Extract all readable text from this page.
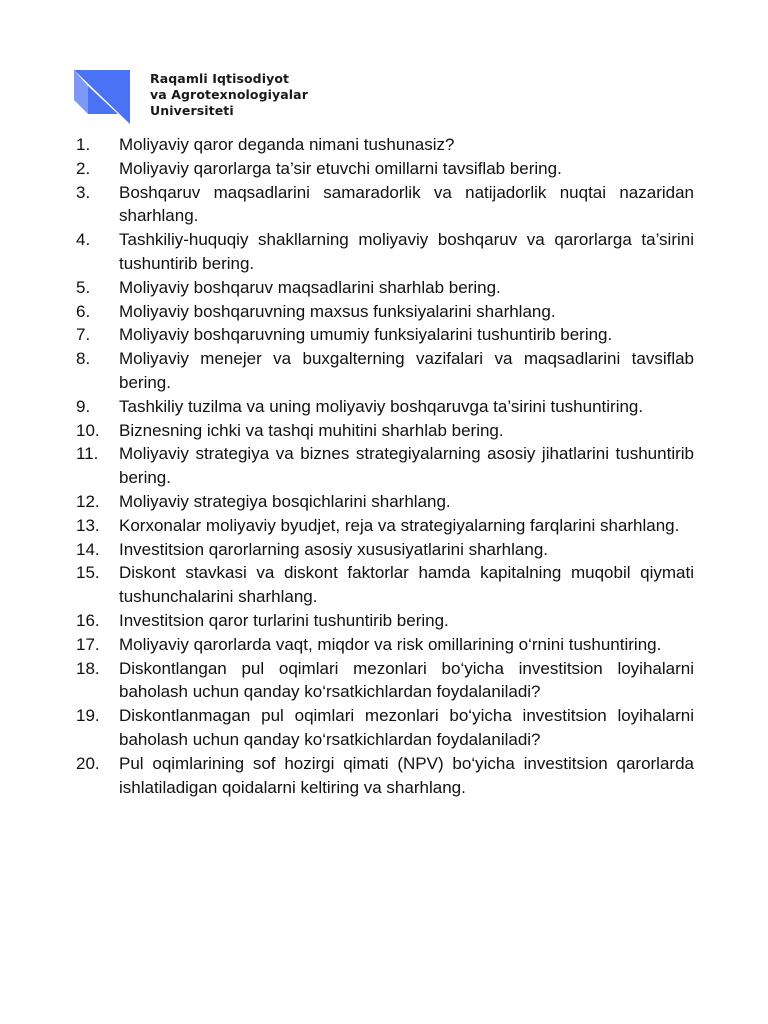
Raqamli Iqtisodiyot
va Agrotexnologiyalar
Universiteti
1.	Moliyaviy qaror deganda nimani tushunasiz?
2.	Moliyaviy qarorlarga ta’sir etuvchi omillarni tavsiflab bering.
3.	Boshqaruv maqsadlarini samaradorlik va natijadorlik nuqtai nazaridan sharhlang.
4.	Tashkiliy-huquqiy shakllarning moliyaviy boshqaruv va qarorlarga ta’sirini tushuntirib bering.
5.	Moliyaviy boshqaruv maqsadlarini sharhlab bering.
6.	Moliyaviy boshqaruvning maxsus funksiyalarini sharhlang.
7.	Moliyaviy boshqaruvning umumiy funksiyalarini tushuntirib bering.
8.	Moliyaviy menejer va buxgalterning vazifalari va maqsadlarini tavsiflab bering.
9.	Tashkiliy tuzilma va uning moliyaviy boshqaruvga ta’sirini tushuntiring.
10.	Biznesning ichki va tashqi muhitini sharhlab bering.
11.	Moliyaviy strategiya va biznes strategiyalarning asosiy jihatlarini tushuntirib bering.
12.	Moliyaviy strategiya bosqichlarini sharhlang.
13.	Korxonalar moliyaviy byudjet, reja va strategiyalarning farqlarini sharhlang.
14.	Investitsion qarorlarning asosiy xususiyatlarini sharhlang.
15.	Diskont stavkasi va diskont faktorlar hamda kapitalning muqobil qiymati tushunchalarini sharhlang.
16.	Investitsion qaror turlarini tushuntirib bering.
17.	Moliyaviy qarorlarda vaqt, miqdor va risk omillarining o‘rnini tushuntiring.
18.	Diskontlangan pul oqimlari mezonlari bo‘yicha investitsion loyihalarni baholash uchun qanday ko‘rsatkichlardan foydalaniladi?
19.	Diskontlanmagan pul oqimlari mezonlari bo‘yicha investitsion loyihalarni baholash uchun qanday ko‘rsatkichlardan foydalaniladi?
20.	Pul oqimlarining sof hozirgi qimati (NPV) bo‘yicha investitsion qarorlarda ishlatiladigan qoidalarni keltiring va sharhlang.
